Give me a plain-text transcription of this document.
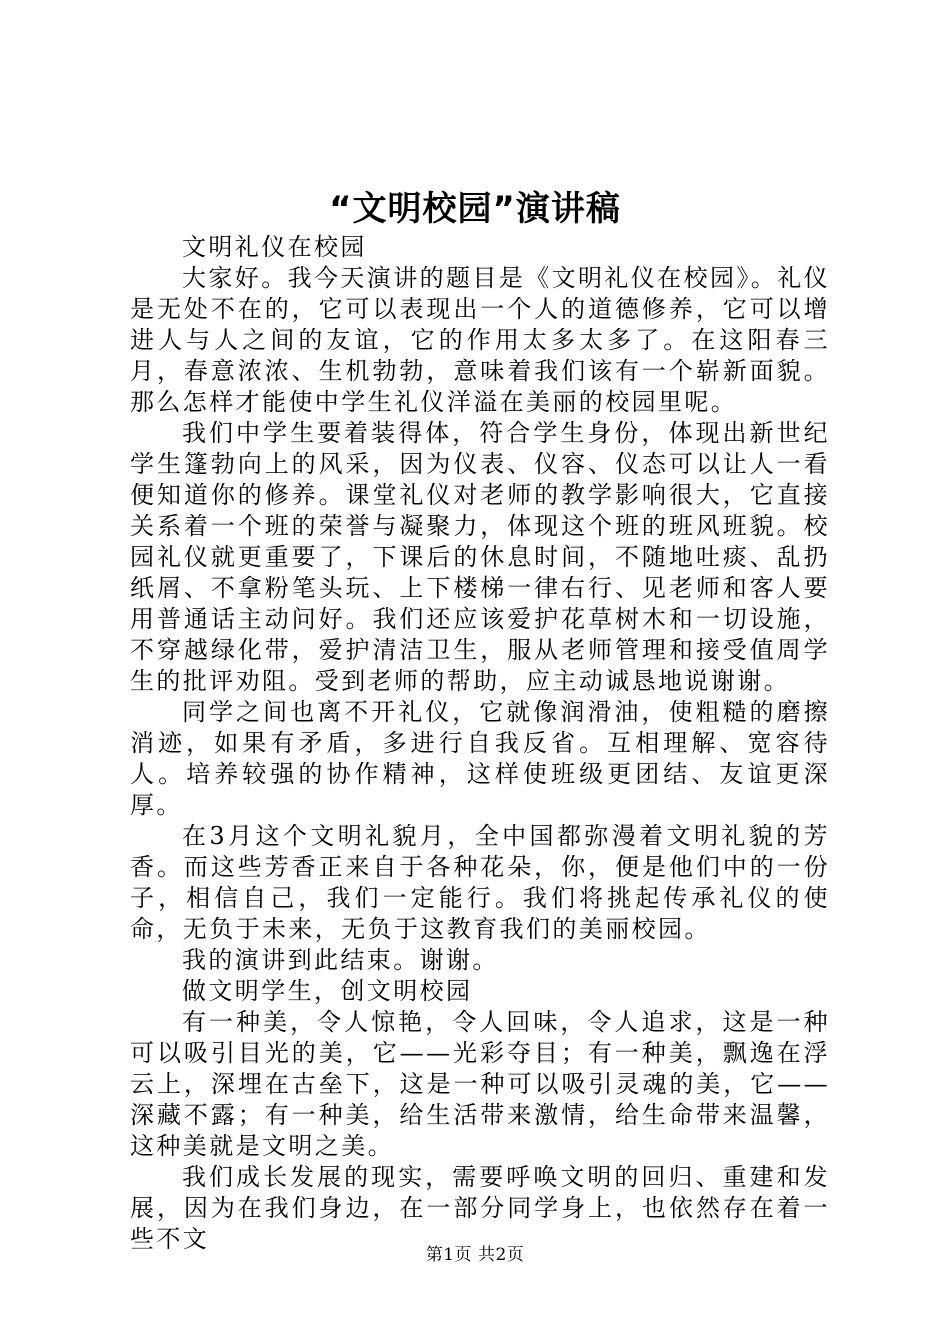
“文明校园”演讲稿

文明礼仪在校园

大家好。我今天演讲的题目是《文明礼仪在校园》。礼仪是无处不在的，它可以表现出一个人的道德修养，它可以增进人与人之间的友谊，它的作用太多太多了。在这阳春三月，春意浓浓、生机勃勃，意味着我们该有一个崭新面貌。那么怎样才能使中学生礼仪洋溢在美丽的校园里呢。

我们中学生要着装得体，符合学生身份，体现出新世纪学生篷勃向上的风采，因为仪表、仪容、仪态可以让人一看便知道你的修养。课堂礼仪对老师的教学影响很大，它直接关系着一个班的荣誉与凝聚力，体现这个班的班风班貌。校园礼仪就更重要了，下课后的休息时间，不随地吐痰、乱扔纸屑、不拿粉笔头玩、上下楼梯一律右行、见老师和客人要用普通话主动问好。我们还应该爱护花草树木和一切设施，不穿越绿化带，爱护清洁卫生，服从老师管理和接受值周学生的批评劝阻。受到老师的帮助，应主动诚恳地说谢谢。

同学之间也离不开礼仪，它就像润滑油，使粗糙的磨擦消迹，如果有矛盾，多进行自我反省。互相理解、宽容待人。培养较强的协作精神，这样使班级更团结、友谊更深厚。

在3月这个文明礼貌月，全中国都弥漫着文明礼貌的芳香。而这些芳香正来自于各种花朵，你，便是他们中的一份子，相信自己，我们一定能行。我们将挑起传承礼仪的使命，无负于未来，无负于这教育我们的美丽校园。

我的演讲到此结束。谢谢。

做文明学生，创文明校园

有一种美，令人惊艳，令人回味，令人追求，这是一种可以吸引目光的美，它——光彩夺目；有一种美，飘逸在浮云上，深埋在古垒下，这是一种可以吸引灵魂的美，它——深藏不露；有一种美，给生活带来激情，给生命带来温馨，这种美就是文明之美。

我们成长发展的现实，需要呼唤文明的回归、重建和发展，因为在我们身边，在一部分同学身上，也依然存在着一些不文

第1页 共2页
